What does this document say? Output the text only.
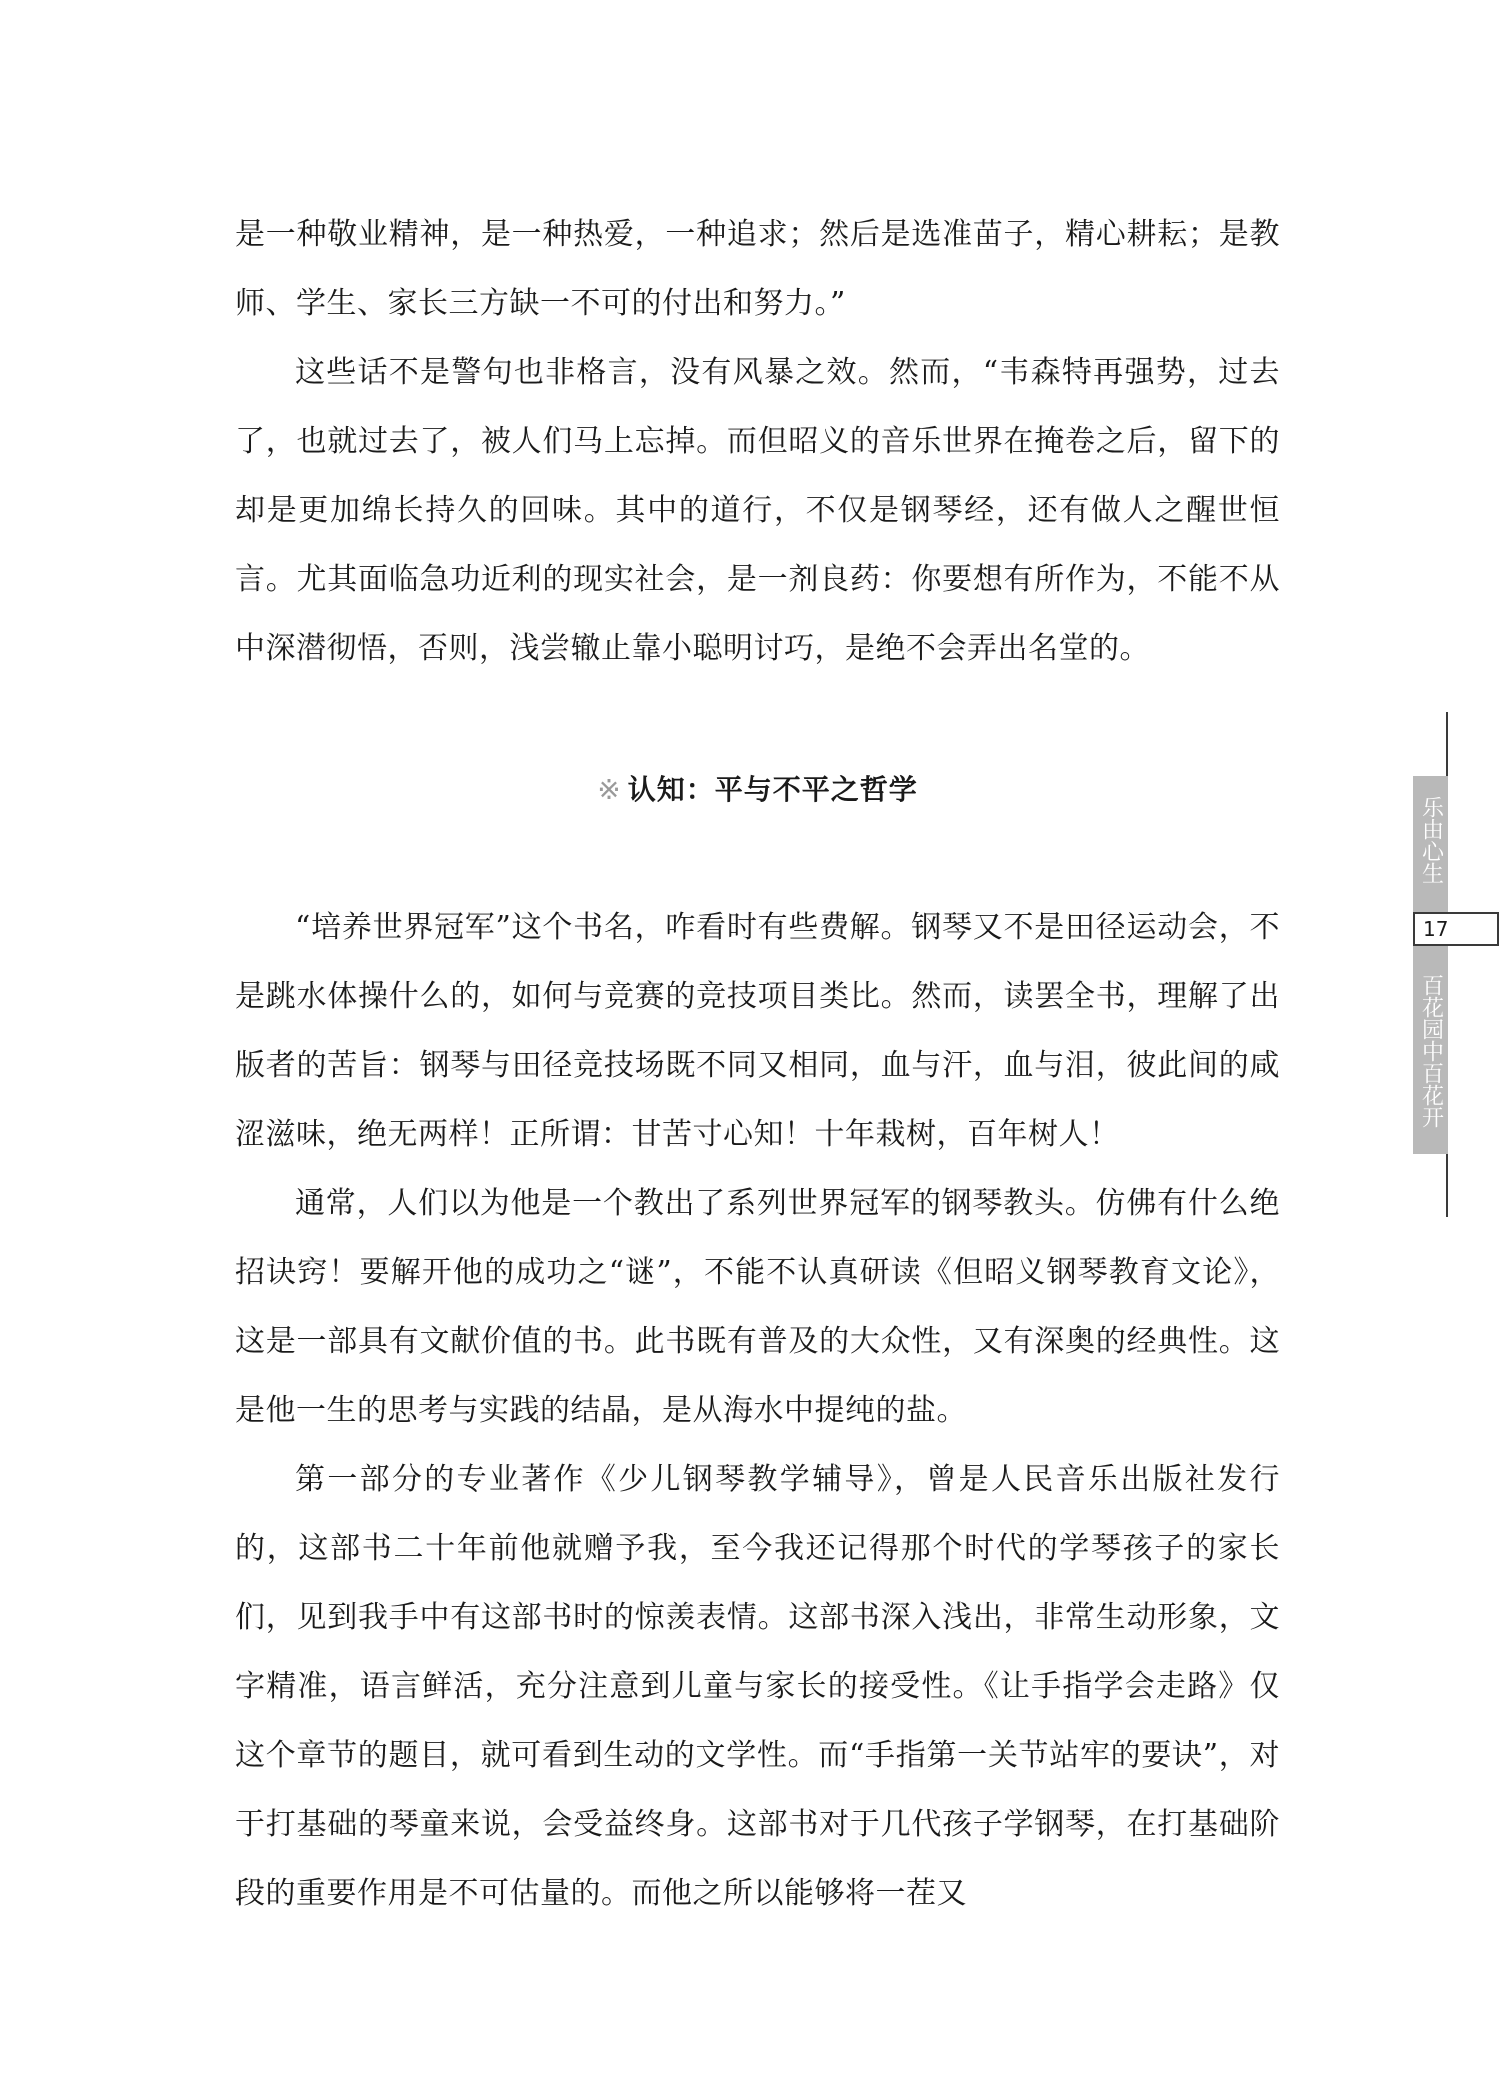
是一种敬业精神，是一种热爱，一种追求；然后是选准苗子，精心耕耘；是教师、学生、家长三方缺一不可的付出和努力。”

这些话不是警句也非格言，没有风暴之效。然而，“韦森特再强势，过去了，也就过去了，被人们马上忘掉。而但昭义的音乐世界在掩卷之后，留下的却是更加绵长持久的回味。其中的道行，不仅是钢琴经，还有做人之醒世恒言。尤其面临急功近利的现实社会，是一剂良药：你要想有所作为，不能不从中深潜彻悟，否则，浅尝辙止靠小聪明讨巧，是绝不会弄出名堂的。

※ 认知：平与不平之哲学

“培养世界冠军”这个书名，咋看时有些费解。钢琴又不是田径运动会，不是跳水体操什么的，如何与竞赛的竞技项目类比。然而，读罢全书，理解了出版者的苦旨：钢琴与田径竞技场既不同又相同，血与汗，血与泪，彼此间的咸涩滋味，绝无两样！正所谓：甘苦寸心知！十年栽树，百年树人！

通常，人们以为他是一个教出了系列世界冠军的钢琴教头。仿佛有什么绝招诀窍！要解开他的成功之“谜”，不能不认真研读《但昭义钢琴教育文论》，这是一部具有文献价值的书。此书既有普及的大众性，又有深奥的经典性。这是他一生的思考与实践的结晶，是从海水中提纯的盐。

第一部分的专业著作《少儿钢琴教学辅导》，曾是人民音乐出版社发行的，这部书二十年前他就赠予我，至今我还记得那个时代的学琴孩子的家长们，见到我手中有这部书时的惊羡表情。这部书深入浅出，非常生动形象，文字精准，语言鲜活，充分注意到儿童与家长的接受性。《让手指学会走路》仅这个章节的题目，就可看到生动的文学性。而“手指第一关节站牢的要诀”，对于打基础的琴童来说，会受益终身。这部书对于几代孩子学钢琴，在打基础阶段的重要作用是不可估量的。而他之所以能够将一茬又

乐由心生
17
百花园中百花开
